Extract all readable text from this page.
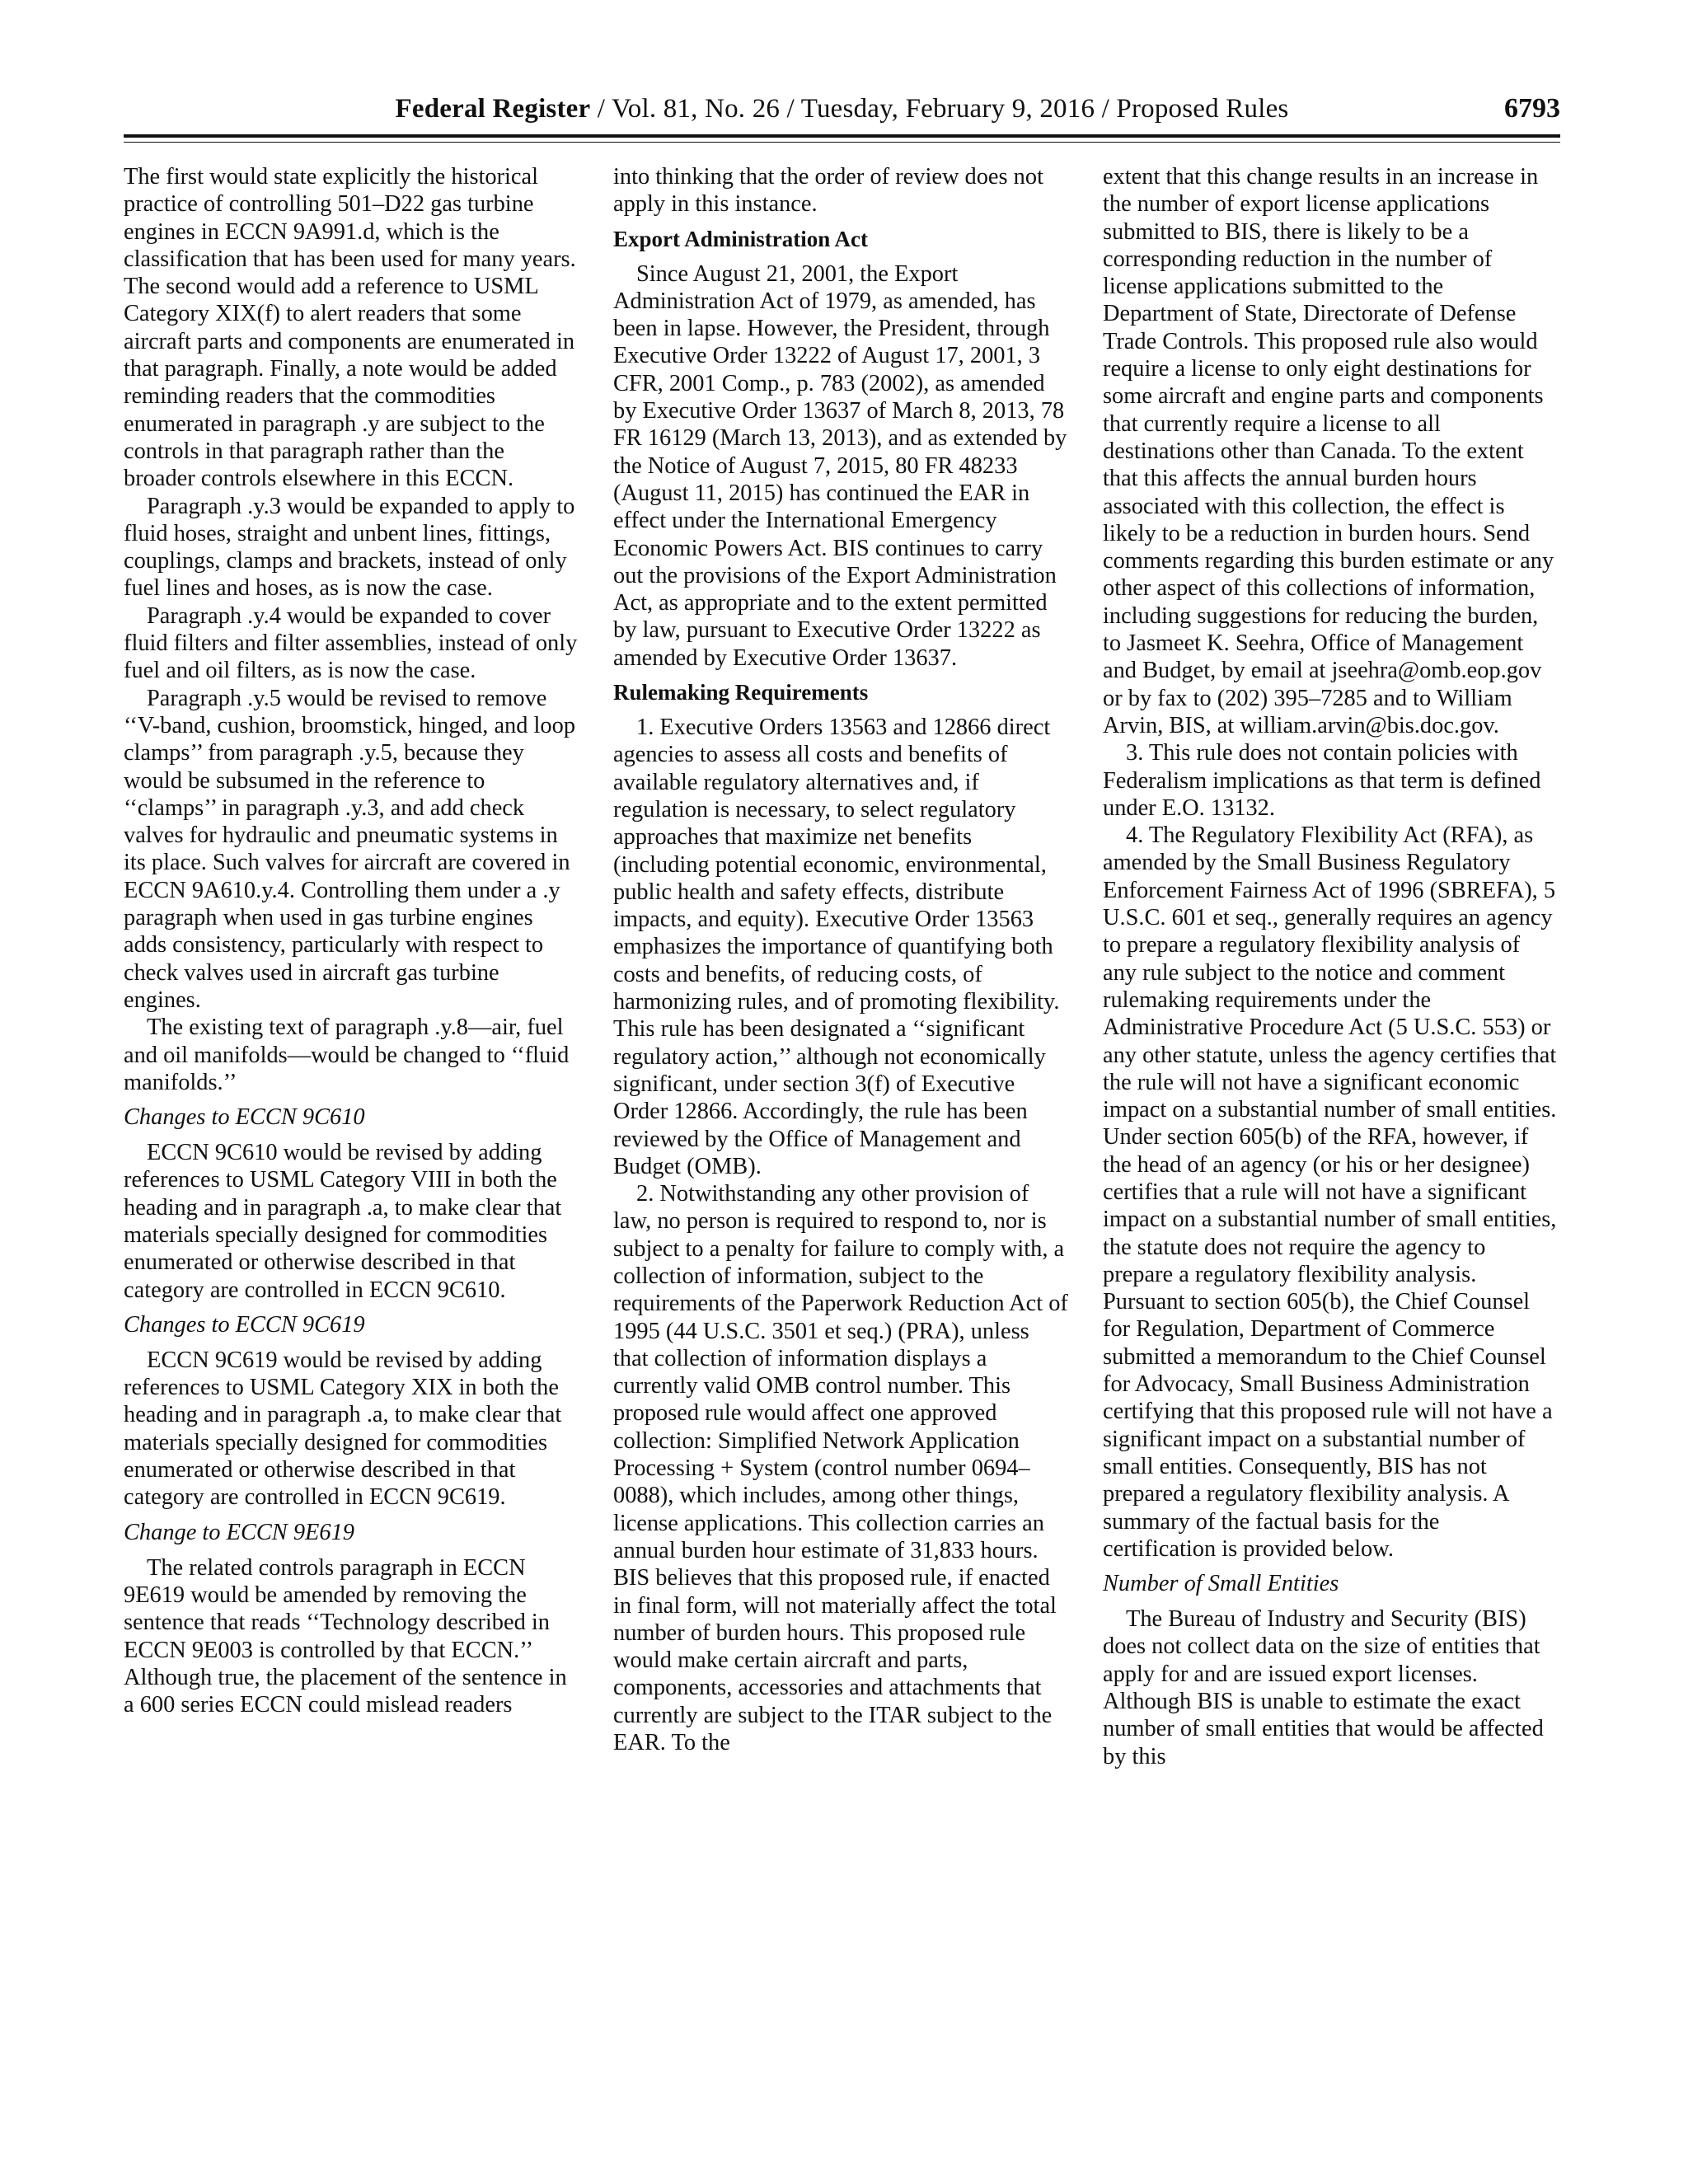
Federal Register / Vol. 81, No. 26 / Tuesday, February 9, 2016 / Proposed Rules	6793

The first would state explicitly the historical practice of controlling 501–D22 gas turbine engines in ECCN 9A991.d, which is the classification that has been used for many years. The second would add a reference to USML Category XIX(f) to alert readers that some aircraft parts and components are enumerated in that paragraph. Finally, a note would be added reminding readers that the commodities enumerated in paragraph .y are subject to the controls in that paragraph rather than the broader controls elsewhere in this ECCN.

Paragraph .y.3 would be expanded to apply to fluid hoses, straight and unbent lines, fittings, couplings, clamps and brackets, instead of only fuel lines and hoses, as is now the case.

Paragraph .y.4 would be expanded to cover fluid filters and filter assemblies, instead of only fuel and oil filters, as is now the case.

Paragraph .y.5 would be revised to remove ‘‘V-band, cushion, broomstick, hinged, and loop clamps’’ from paragraph .y.5, because they would be subsumed in the reference to ‘‘clamps’’ in paragraph .y.3, and add check valves for hydraulic and pneumatic systems in its place. Such valves for aircraft are covered in ECCN 9A610.y.4. Controlling them under a .y paragraph when used in gas turbine engines adds consistency, particularly with respect to check valves used in aircraft gas turbine engines.

The existing text of paragraph .y.8—air, fuel and oil manifolds—would be changed to ‘‘fluid manifolds.’’

Changes to ECCN 9C610

ECCN 9C610 would be revised by adding references to USML Category VIII in both the heading and in paragraph .a, to make clear that materials specially designed for commodities enumerated or otherwise described in that category are controlled in ECCN 9C610.

Changes to ECCN 9C619

ECCN 9C619 would be revised by adding references to USML Category XIX in both the heading and in paragraph .a, to make clear that materials specially designed for commodities enumerated or otherwise described in that category are controlled in ECCN 9C619.

Change to ECCN 9E619

The related controls paragraph in ECCN 9E619 would be amended by removing the sentence that reads ‘‘Technology described in ECCN 9E003 is controlled by that ECCN.’’ Although true, the placement of the sentence in a 600 series ECCN could mislead readers

into thinking that the order of review does not apply in this instance.

Export Administration Act

Since August 21, 2001, the Export Administration Act of 1979, as amended, has been in lapse. However, the President, through Executive Order 13222 of August 17, 2001, 3 CFR, 2001 Comp., p. 783 (2002), as amended by Executive Order 13637 of March 8, 2013, 78 FR 16129 (March 13, 2013), and as extended by the Notice of August 7, 2015, 80 FR 48233 (August 11, 2015) has continued the EAR in effect under the International Emergency Economic Powers Act. BIS continues to carry out the provisions of the Export Administration Act, as appropriate and to the extent permitted by law, pursuant to Executive Order 13222 as amended by Executive Order 13637.

Rulemaking Requirements

1. Executive Orders 13563 and 12866 direct agencies to assess all costs and benefits of available regulatory alternatives and, if regulation is necessary, to select regulatory approaches that maximize net benefits (including potential economic, environmental, public health and safety effects, distribute impacts, and equity). Executive Order 13563 emphasizes the importance of quantifying both costs and benefits, of reducing costs, of harmonizing rules, and of promoting flexibility. This rule has been designated a ‘‘significant regulatory action,’’ although not economically significant, under section 3(f) of Executive Order 12866. Accordingly, the rule has been reviewed by the Office of Management and Budget (OMB).

2. Notwithstanding any other provision of law, no person is required to respond to, nor is subject to a penalty for failure to comply with, a collection of information, subject to the requirements of the Paperwork Reduction Act of 1995 (44 U.S.C. 3501 et seq.) (PRA), unless that collection of information displays a currently valid OMB control number. This proposed rule would affect one approved collection: Simplified Network Application Processing + System (control number 0694–0088), which includes, among other things, license applications. This collection carries an annual burden hour estimate of 31,833 hours. BIS believes that this proposed rule, if enacted in final form, will not materially affect the total number of burden hours. This proposed rule would make certain aircraft and parts, components, accessories and attachments that currently are subject to the ITAR subject to the EAR. To the

extent that this change results in an increase in the number of export license applications submitted to BIS, there is likely to be a corresponding reduction in the number of license applications submitted to the Department of State, Directorate of Defense Trade Controls. This proposed rule also would require a license to only eight destinations for some aircraft and engine parts and components that currently require a license to all destinations other than Canada. To the extent that this affects the annual burden hours associated with this collection, the effect is likely to be a reduction in burden hours. Send comments regarding this burden estimate or any other aspect of this collections of information, including suggestions for reducing the burden, to Jasmeet K. Seehra, Office of Management and Budget, by email at jseehra@omb.eop.gov or by fax to (202) 395–7285 and to William Arvin, BIS, at william.arvin@bis.doc.gov.

3. This rule does not contain policies with Federalism implications as that term is defined under E.O. 13132.

4. The Regulatory Flexibility Act (RFA), as amended by the Small Business Regulatory Enforcement Fairness Act of 1996 (SBREFA), 5 U.S.C. 601 et seq., generally requires an agency to prepare a regulatory flexibility analysis of any rule subject to the notice and comment rulemaking requirements under the Administrative Procedure Act (5 U.S.C. 553) or any other statute, unless the agency certifies that the rule will not have a significant economic impact on a substantial number of small entities. Under section 605(b) of the RFA, however, if the head of an agency (or his or her designee) certifies that a rule will not have a significant impact on a substantial number of small entities, the statute does not require the agency to prepare a regulatory flexibility analysis. Pursuant to section 605(b), the Chief Counsel for Regulation, Department of Commerce submitted a memorandum to the Chief Counsel for Advocacy, Small Business Administration certifying that this proposed rule will not have a significant impact on a substantial number of small entities. Consequently, BIS has not prepared a regulatory flexibility analysis. A summary of the factual basis for the certification is provided below.

Number of Small Entities

The Bureau of Industry and Security (BIS) does not collect data on the size of entities that apply for and are issued export licenses. Although BIS is unable to estimate the exact number of small entities that would be affected by this
